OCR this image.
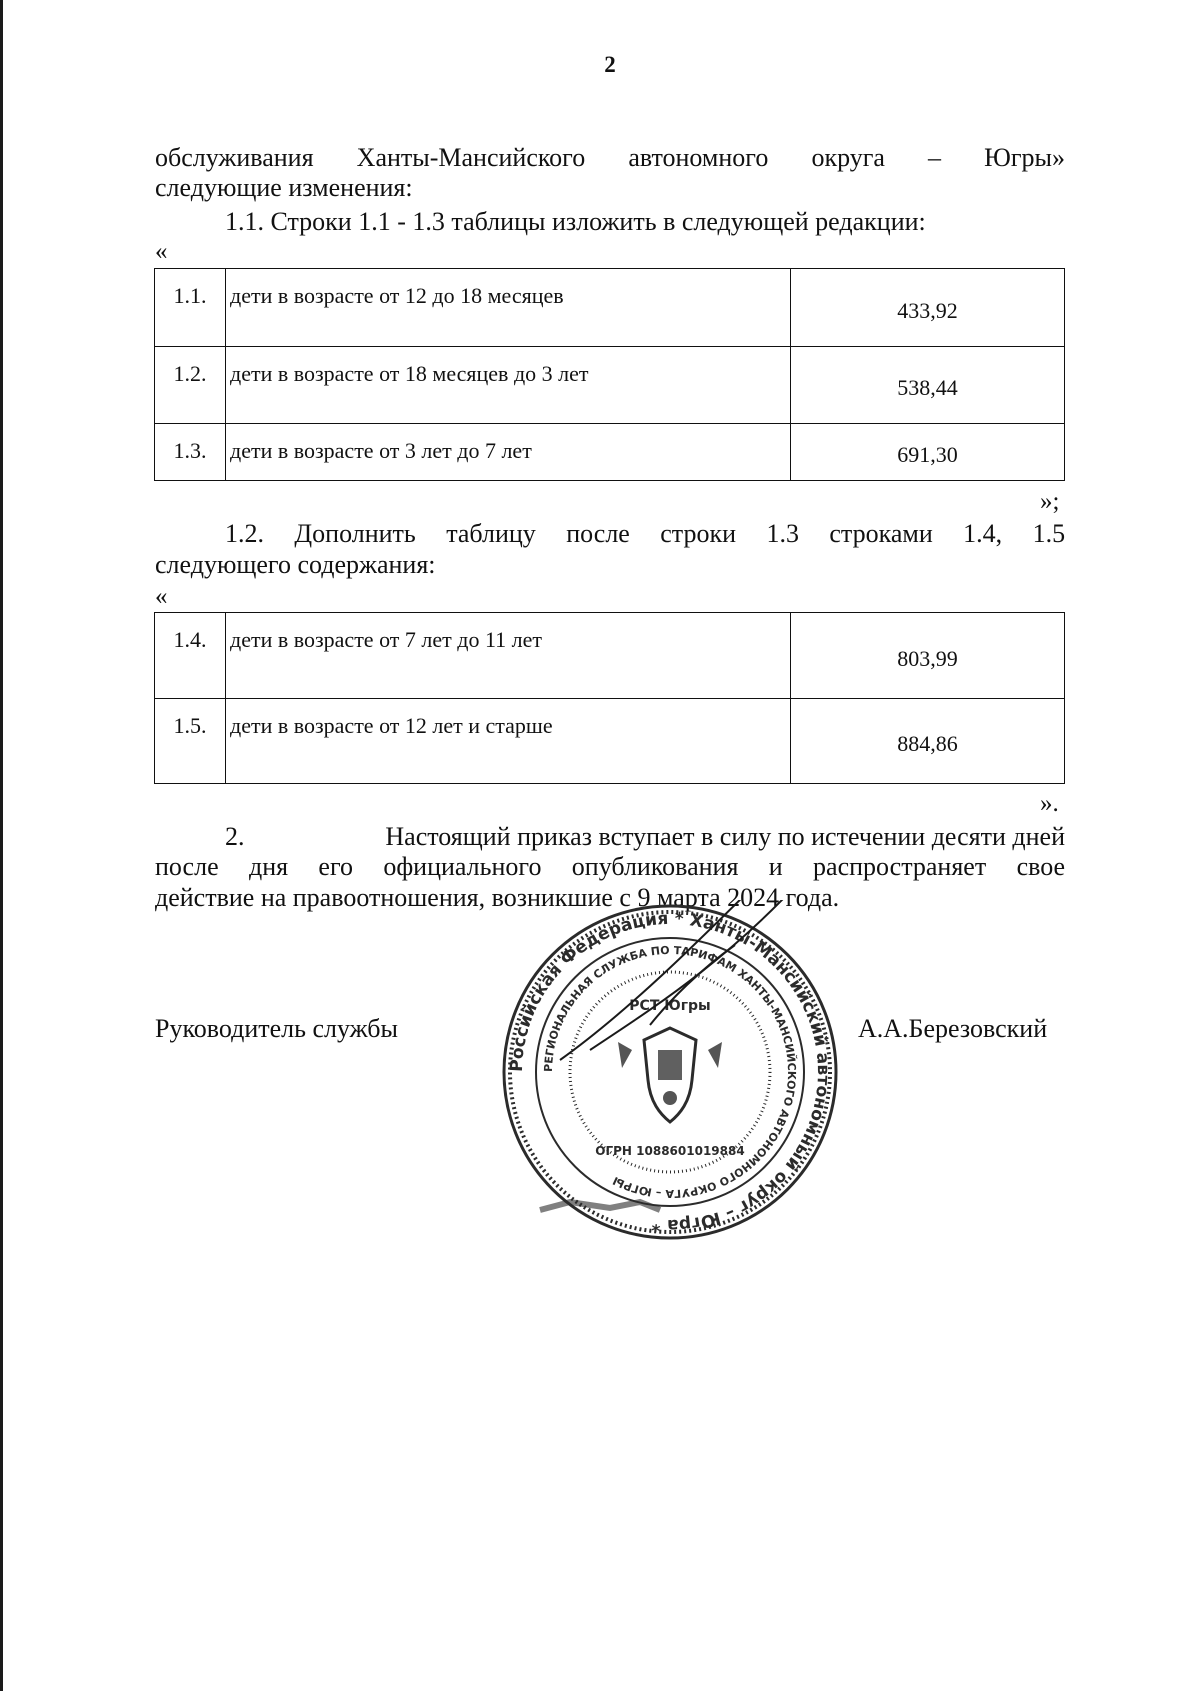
2
обслуживания Ханты-Мансийского автономного округа – Югры»
следующие изменения:
1.1. Строки 1.1 - 1.3 таблицы изложить в следующей редакции:
«
1.1.	дети в возрасте от 12 до 18 месяцев	433,92
1.2.	дети в возрасте от 18 месяцев до 3 лет	538,44
1.3.	дети в возрасте от 3 лет до 7 лет	691,30
»;
1.2. Дополнить таблицу после строки 1.3 строками 1.4, 1.5
следующего содержания:
«
1.4.	дети в возрасте от 7 лет до 11 лет	803,99
1.5.	дети в возрасте от 12 лет и старше	884,86
».
2.	Настоящий приказ вступает в силу по истечении десяти дней
после дня его официального опубликования и распространяет свое
действие на правоотношения, возникшие с 9 марта 2024 года.
Руководитель службы	А.А.Березовский
Российская Федерация * Ханты-Мансийский автономный округ – Югра *
РЕГИОНАЛЬНАЯ СЛУЖБА ПО ТАРИФАМ ХАНТЫ-МАНСИЙСКОГО АВТОНОМНОГО ОКРУГА – ЮГРЫ
РСТ Югры
ОГРН 1088601019884
